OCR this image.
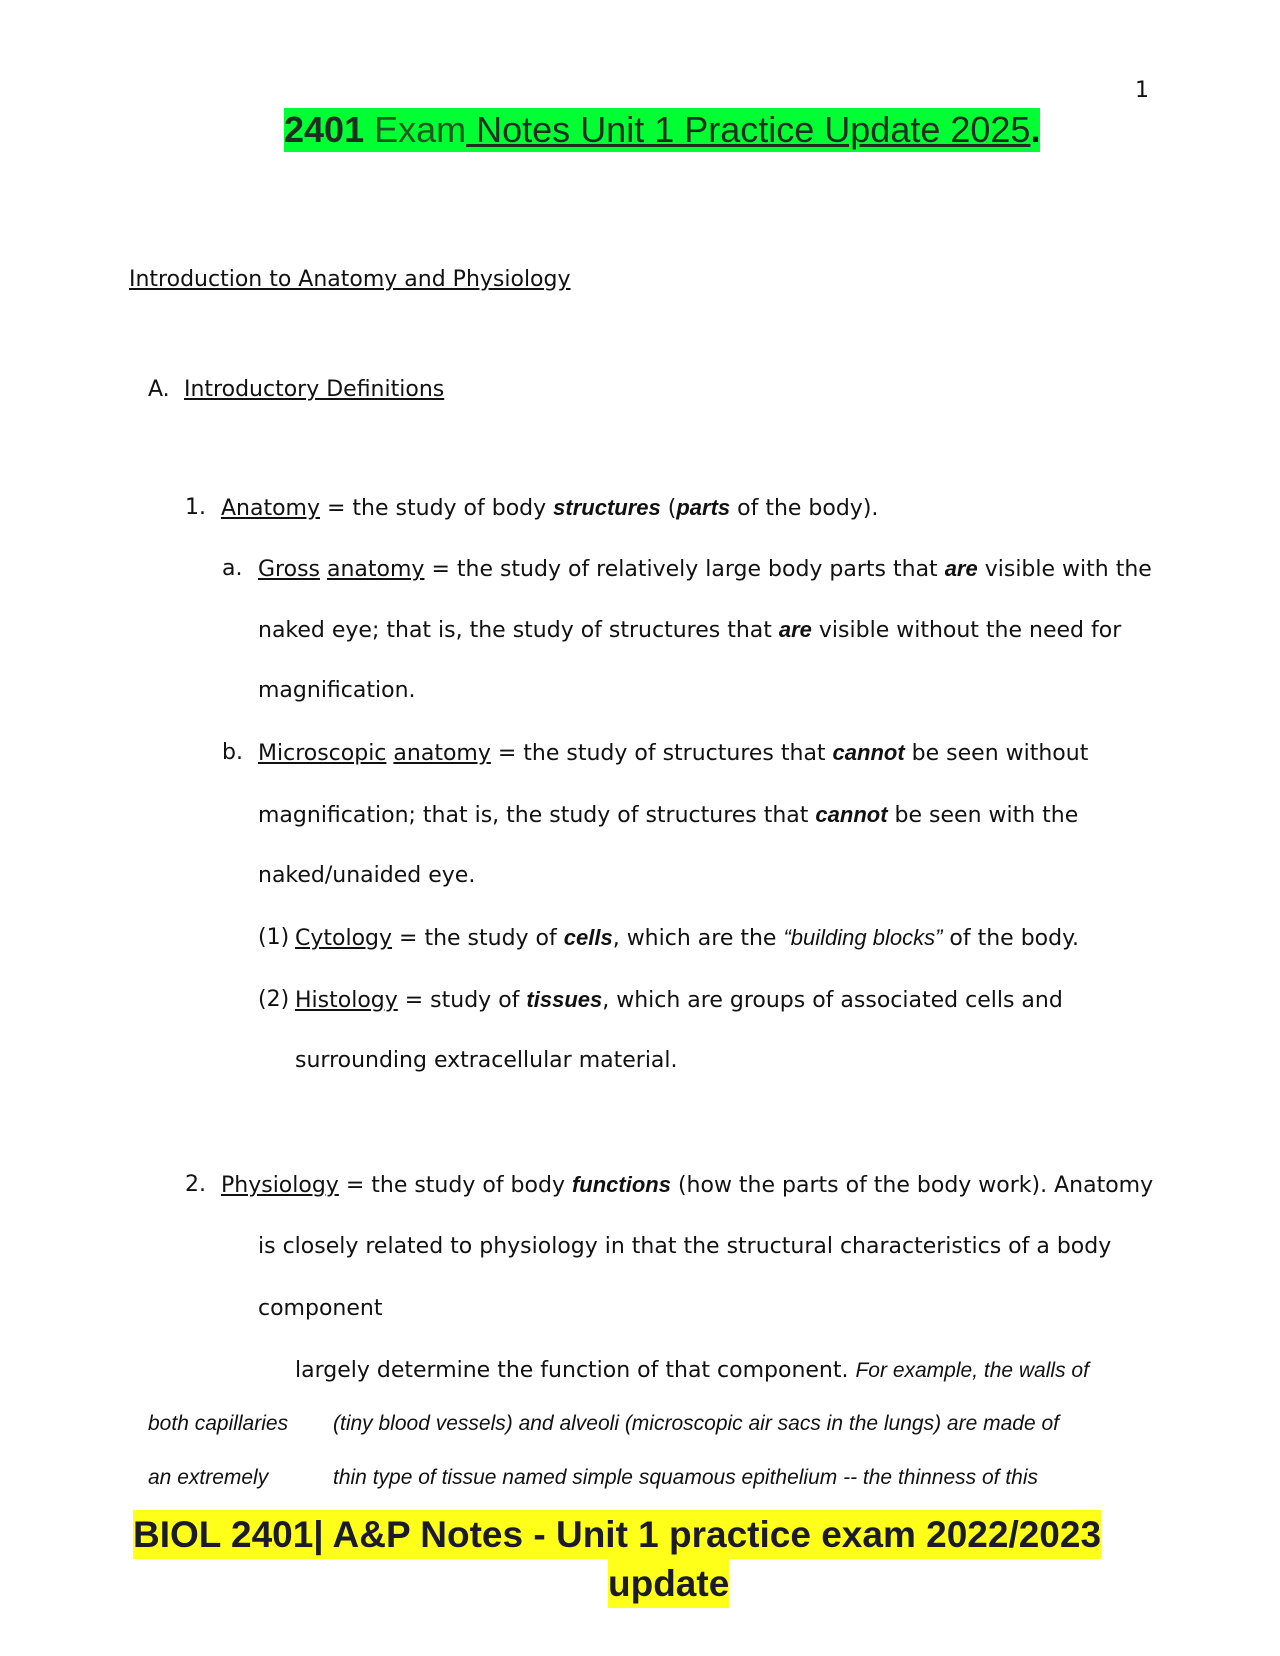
1
2401 Exam Notes Unit 1 Practice Update 2025.
Introduction to Anatomy and Physiology
A. Introductory Definitions
1. Anatomy = the study of body structures (parts of the body).
a. Gross anatomy = the study of relatively large body parts that are visible with the
naked eye; that is, the study of structures that are visible without the need for
magnification.
b. Microscopic anatomy = the study of structures that cannot be seen without
magnification; that is, the study of structures that cannot be seen with the
naked/unaided eye.
(1) Cytology = the study of cells, which are the “building blocks” of the body.
(2) Histology = study of tissues, which are groups of associated cells and
surrounding extracellular material.
2. Physiology = the study of body functions (how the parts of the body work). Anatomy
is closely related to physiology in that the structural characteristics of a body
component
largely determine the function of that component. For example, the walls of
both capillaries (tiny blood vessels) and alveoli (microscopic air sacs in the lungs) are made of
an extremely	thin type of tissue named simple squamous epithelium -- the thinness of this
BIOL 2401| A&P Notes - Unit 1 practice exam 2022/2023
update
